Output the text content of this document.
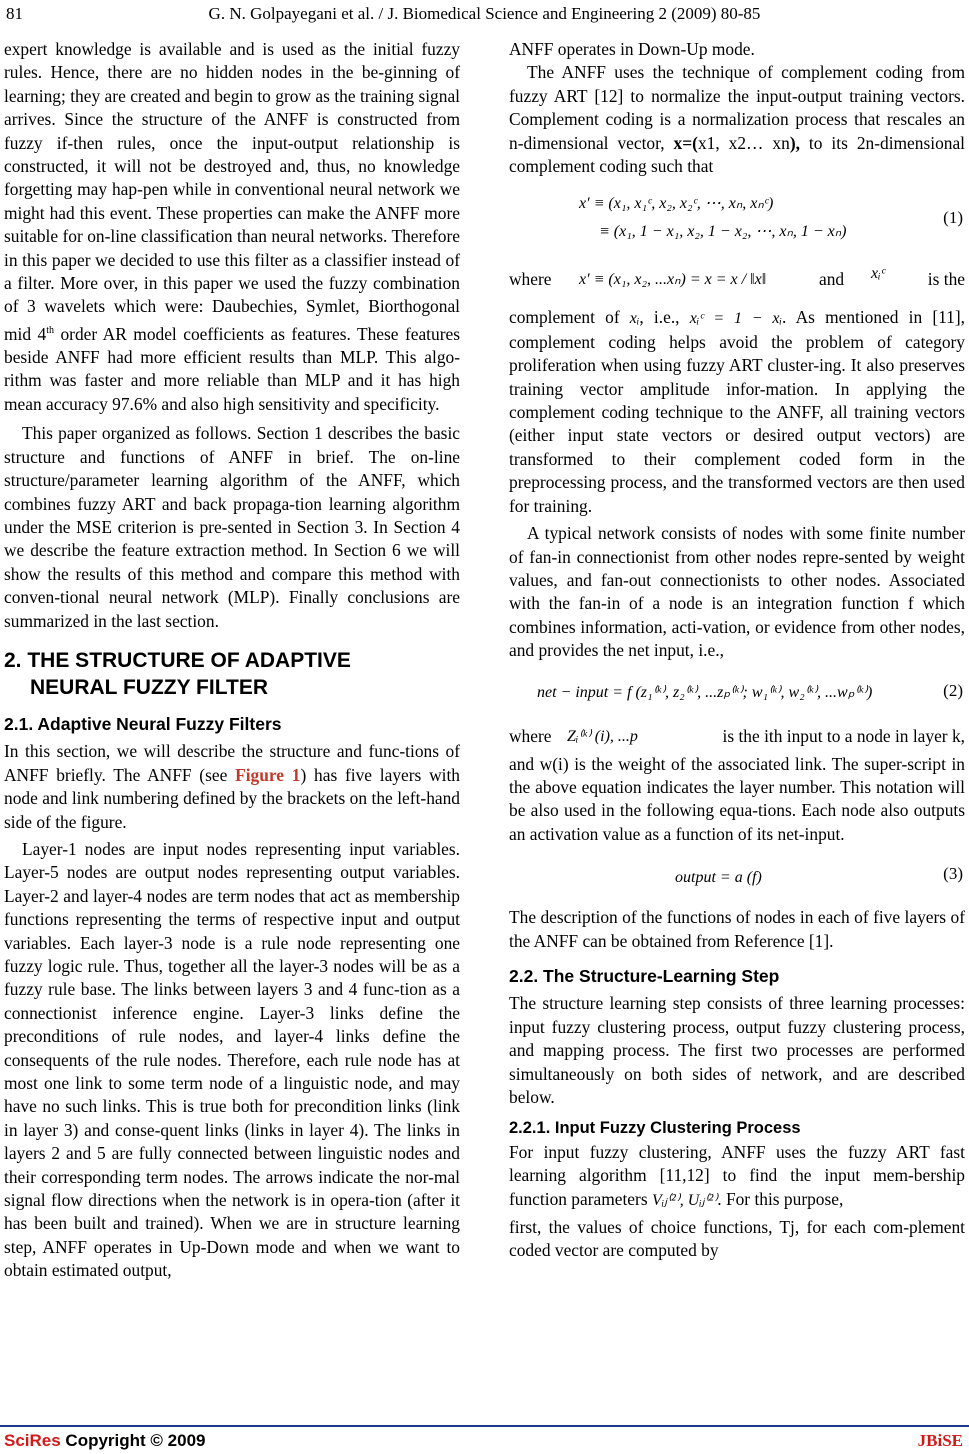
81	G. N. Golpayegani et al. / J. Biomedical Science and Engineering 2 (2009) 80-85

expert knowledge is available and is used as the initial fuzzy rules. Hence, there are no hidden nodes in the be-ginning of learning; they are created and begin to grow as the training signal arrives. Since the structure of the ANFF is constructed from fuzzy if-then rules, once the input-output relationship is constructed, it will not be destroyed and, thus, no knowledge forgetting may hap-pen while in conventional neural network we might had this event. These properties can make the ANFF more suitable for on-line classification than neural networks. Therefore in this paper we decided to use this filter as a classifier instead of a filter. More over, in this paper we used the fuzzy combination of 3 wavelets which were: Daubechies, Symlet, Biorthogonal mid 4th order AR model coefficients as features. These features beside ANFF had more efficient results than MLP. This algo-rithm was faster and more reliable than MLP and it has high mean accuracy 97.6% and also high sensitivity and specificity.

This paper organized as follows. Section 1 describes the basic structure and functions of ANFF in brief. The on-line structure/parameter learning algorithm of the ANFF, which combines fuzzy ART and back propaga-tion learning algorithm under the MSE criterion is pre-sented in Section 3. In Section 4 we describe the feature extraction method. In Section 6 we will show the results of this method and compare this method with conven-tional neural network (MLP). Finally conclusions are summarized in the last section.

2. THE STRUCTURE OF ADAPTIVE
NEURAL FUZZY FILTER
2.1. Adaptive Neural Fuzzy Filters

In this section, we will describe the structure and func-tions of ANFF briefly. The ANFF (see Figure 1) has five layers with node and link numbering defined by the brackets on the left-hand side of the figure.

Layer-1 nodes are input nodes representing input variables. Layer-5 nodes are output nodes representing output variables. Layer-2 and layer-4 nodes are term nodes that act as membership functions representing the terms of respective input and output variables. Each layer-3 node is a rule node representing one fuzzy logic rule. Thus, together all the layer-3 nodes will be as a fuzzy rule base. The links between layers 3 and 4 func-tion as a connectionist inference engine. Layer-3 links define the preconditions of rule nodes, and layer-4 links define the consequents of the rule nodes. Therefore, each rule node has at most one link to some term node of a linguistic node, and may have no such links. This is true both for precondition links (link in layer 3) and conse-quent links (links in layer 4). The links in layers 2 and 5 are fully connected between linguistic nodes and their corresponding term nodes. The arrows indicate the nor-mal signal flow directions when the network is in opera-tion (after it has been built and trained). When we are in structure learning step, ANFF operates in Up-Down mode and when we want to obtain estimated output,

ANFF operates in Down-Up mode.

The ANFF uses the technique of complement coding from fuzzy ART [12] to normalize the input-output training vectors. Complement coding is a normalization process that rescales an n-dimensional vector, x=(x1, x2… xn), to its 2n-dimensional complement coding such that

x′ ≡ (x₁, x₁ᶜ, x₂, x₂ᶜ, ⋯, xₙ, xₙᶜ)
≡ (x₁, 1 − x₁, x₂, 1 − x₂, ⋯, xₙ, 1 − xₙ)
(1)
where x′ ≡ (x₁, x₂, ...xₙ) = x = x / ‖x‖	and xᵢᶜ is the

complement of xᵢ, i.e., xᵢᶜ = 1 − xᵢ. As mentioned in [11], complement coding helps avoid the problem of category proliferation when using fuzzy ART cluster-ing. It also preserves training vector amplitude infor-mation. In applying the complement coding technique to the ANFF, all training vectors (either input state vectors or desired output vectors) are transformed to their complement coded form in the preprocessing process, and the transformed vectors are then used for training.

A typical network consists of nodes with some finite number of fan-in connectionist from other nodes repre-sented by weight values, and fan-out connectionists to other nodes. Associated with the fan-in of a node is an integration function f which combines information, acti-vation, or evidence from other nodes, and provides the net input, i.e.,

net − input = f (z₁⁽ᵏ⁾, z₂⁽ᵏ⁾, ...zₚ⁽ᵏ⁾; w₁⁽ᵏ⁾, w₂⁽ᵏ⁾, ...wₚ⁽ᵏ⁾)	(2)
where Zᵢ⁽ᵏ⁾ (i), ...p	is the ith input to a node in layer k,

and w(i) is the weight of the associated link. The super-script in the above equation indicates the layer number. This notation will be also used in the following equa-tions. Each node also outputs an activation value as a function of its net-input.

output = a (f)	(3)

The description of the functions of nodes in each of five layers of the ANFF can be obtained from Reference [1].

2.2. The Structure-Learning Step

The structure learning step consists of three learning processes: input fuzzy clustering process, output fuzzy clustering process, and mapping process. The first two processes are performed simultaneously on both sides of network, and are described below.

2.2.1. Input Fuzzy Clustering Process

For input fuzzy clustering, ANFF uses the fuzzy ART fast learning algorithm [11,12] to find the input mem-bership function parameters Vᵢⱼ⁽²⁾, Uᵢⱼ⁽²⁾. For this purpose,

first, the values of choice functions, Tj, for each com-plement coded vector are computed by

SciRes Copyright © 2009	JBiSE
